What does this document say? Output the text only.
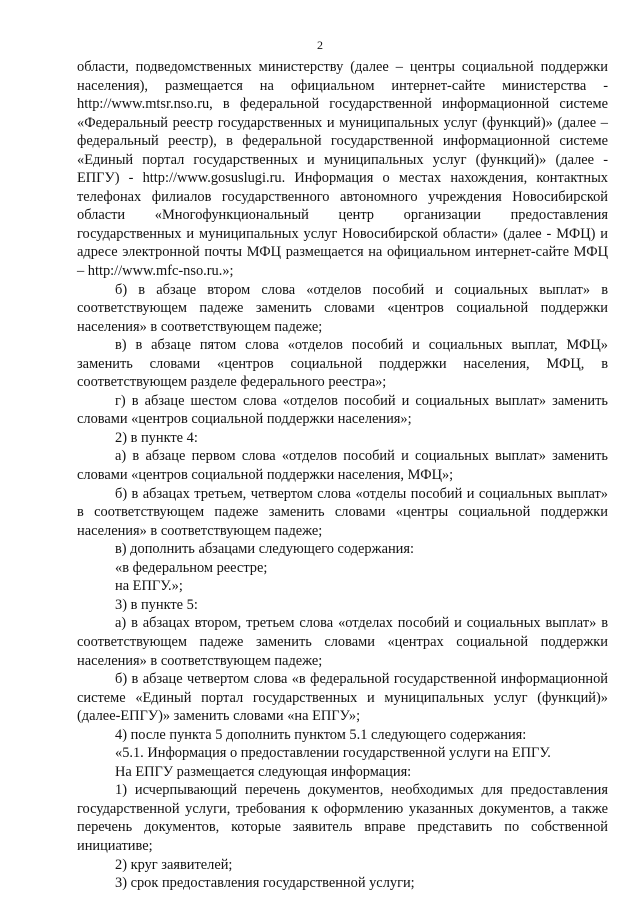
2

области, подведомственных министерству (далее – центры социальной поддержки населения), размещается на официальном интернет-сайте министерства - http://www.mtsr.nso.ru, в федеральной государственной информационной системе «Федеральный реестр государственных и муниципальных услуг (функций)» (далее – федеральный реестр), в федеральной государственной информационной системе «Единый портал государственных и муниципальных услуг (функций)» (далее - ЕПГУ) - http://www.gosuslugi.ru. Информация о местах нахождения, контактных телефонах филиалов государственного автономного учреждения Новосибирской области «Многофункциональный центр организации предоставления государственных и муниципальных услуг Новосибирской области» (далее - МФЦ) и адресе электронной почты МФЦ размещается на официальном интернет-сайте МФЦ – http://www.mfc-nso.ru.»;

б) в абзаце втором слова «отделов пособий и социальных выплат» в соответствующем падеже заменить словами «центров социальной поддержки населения» в соответствующем падеже;

в) в абзаце пятом слова «отделов пособий и социальных выплат, МФЦ» заменить словами «центров социальной поддержки населения, МФЦ, в соответствующем разделе федерального реестра»;

г) в абзаце шестом слова «отделов пособий и социальных выплат» заменить словами «центров социальной поддержки населения»;

2) в пункте 4:

а) в абзаце первом слова «отделов пособий и социальных выплат» заменить словами «центров социальной поддержки населения, МФЦ»;

б) в абзацах третьем, четвертом слова «отделы пособий и социальных выплат» в соответствующем падеже заменить словами «центры социальной поддержки населения» в соответствующем падеже;

в) дополнить абзацами следующего содержания:

«в федеральном реестре;

на ЕПГУ.»;

3) в пункте 5:

а) в абзацах втором, третьем слова «отделах пособий и социальных выплат» в соответствующем падеже заменить словами «центрах социальной поддержки населения» в соответствующем падеже;

б) в абзаце четвертом слова «в федеральной государственной информационной системе «Единый портал государственных и муниципальных услуг (функций)» (далее-ЕПГУ)» заменить словами «на ЕПГУ»;

4) после пункта 5 дополнить пунктом 5.1 следующего содержания:

«5.1. Информация о предоставлении государственной услуги на ЕПГУ.

На ЕПГУ размещается следующая информация:

1) исчерпывающий перечень документов, необходимых для предоставления государственной услуги, требования к оформлению указанных документов, а также перечень документов, которые заявитель вправе представить по собственной инициативе;

2) круг заявителей;

3) срок предоставления государственной услуги;
